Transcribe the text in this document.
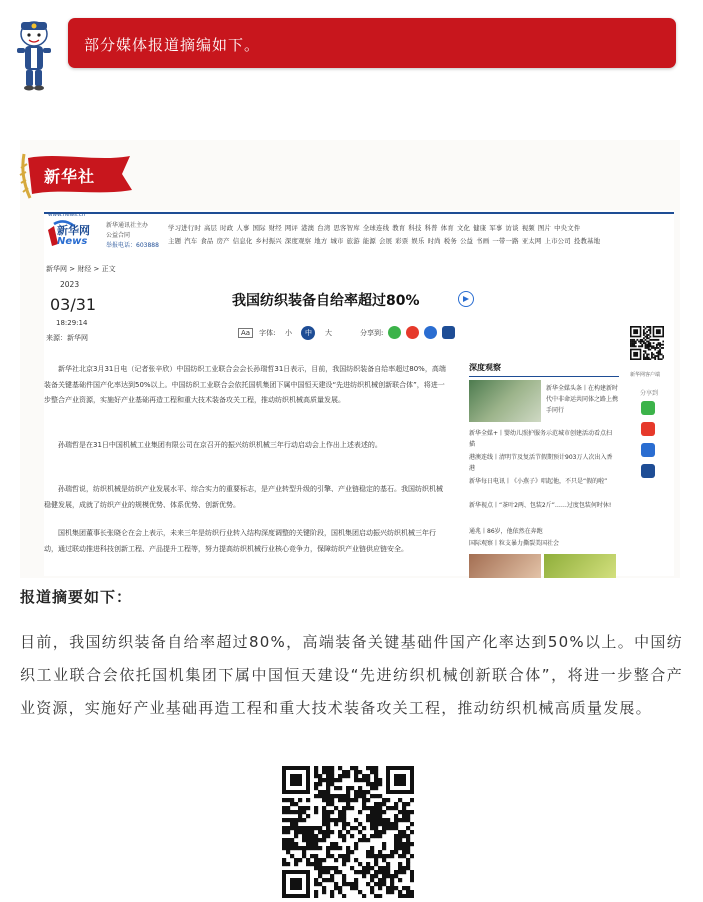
部分媒体报道摘编如下。
新华社
www.news.cn
新华网
News
新华通讯社主办
公益合同
举报电话：603888
学习进行时 高层 时政 人事 国际 财经 网评 港澳 台湾 思客智库 全球连线 教育 科技 科普 体育 文化 健康 军事 访谈 视频 图片 中央文件
主题 汽车 食品 房产 信息化 乡村振兴 深度观察 地方 城市 旅游 能源 会展 彩票 娱乐 时尚 税务 公益 书画 一带一路 亚太网 上市公司 投教基地
新华网 > 财经 > 正文
2023
03/31
18:29:14
来源：新华网
我国纺织装备自给率超过80%
Aa	字体:	小	中	大	分享到:
新华社北京3月31日电（记者张辛欣）中国纺织工业联合会会长孙瑞哲31日表示，目前，我国纺织装备自给率超过80%，高端装备关键基础件国产化率达到50%以上。中国纺织工业联合会依托国机集团下属中国恒天建设“先进纺织机械创新联合体”，将进一步整合产业资源，实施好产业基础再造工程和重大技术装备攻关工程，推动纺织机械高质量发展。
孙瑞哲是在31日中国机械工业集团有限公司在京召开的振兴纺织机械三年行动启动会上作出上述表述的。
孙瑞哲说，纺织机械是纺织产业发展水平、综合实力的重要标志，是产业转型升级的引擎、产业链稳定的基石。我国纺织机械稳健发展，成就了纺织产业的规模优势、体系优势、创新优势。
国机集团董事长张晓仑在会上表示，未来三年是纺织行业转入结构深度调整的关键阶段，国机集团启动振兴纺织机械三年行动，通过联动推进科技创新工程、产品提升工程等，努力提高纺织机械行业核心竞争力，保障纺织产业链供应链安全。
深度观察
新华全媒头条丨在构建新时代中非命运共同体之路上携手同行
新华全媒+丨婴幼儿照护服务示范城市创建活动看点扫描
港澳连线丨清明节及复活节假期预计903万人次出入香港
新华每日电讯丨《小燕子》唱起他，不只是“假的啦”
新华视点丨“茶叶2两、包装2斤”……过度包装何时休!
通兆丨86岁，他依然在奔跑
国际观察丨粒支暴力撕裂美国社会
新华网客户端
分享到
报道摘要如下：
目前，我国纺织装备自给率超过80%，高端装备关键基础件国产化率达到50%以上。中国纺织工业联合会依托国机集团下属中国恒天建设“先进纺织机械创新联合体”，将进一步整合产业资源，实施好产业基础再造工程和重大技术装备攻关工程，推动纺织机械高质量发展。
